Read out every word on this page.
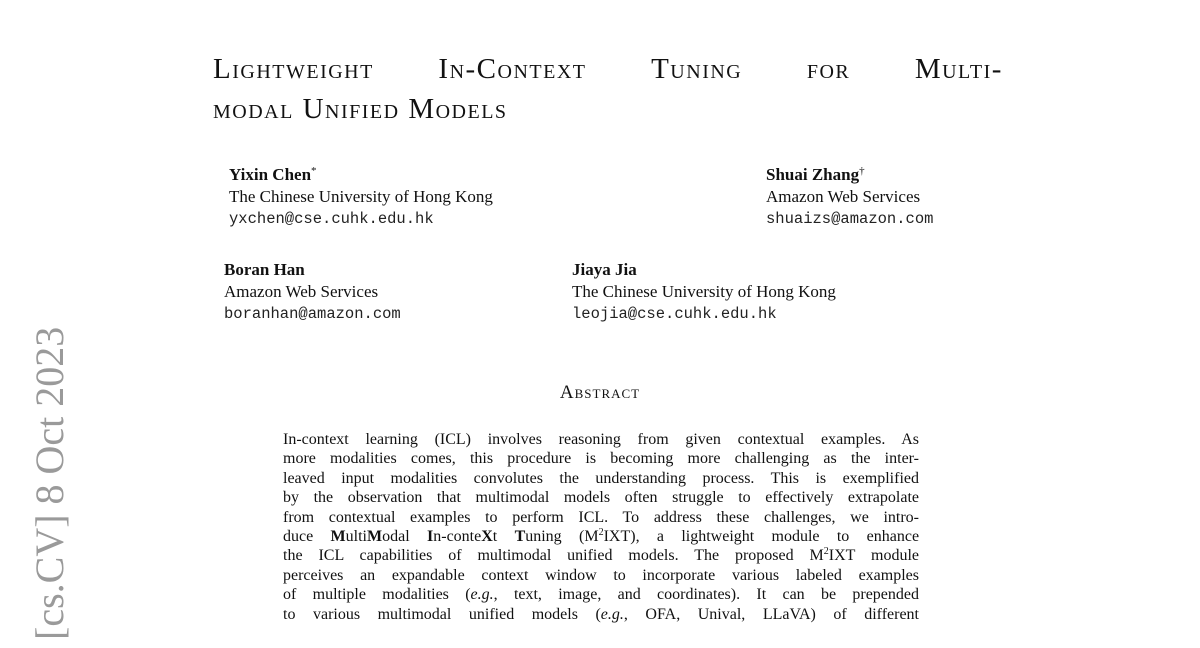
Lightweight In-Context Tuning for Multi-
modal Unified Models
Yixin Chen*
The Chinese University of Hong Kong
yxchen@cse.cuhk.edu.hk
Shuai Zhang†
Amazon Web Services
shuaizs@amazon.com
Boran Han
Amazon Web Services
boranhan@amazon.com
Jiaya Jia
The Chinese University of Hong Kong
leojia@cse.cuhk.edu.hk
Abstract
In-context learning (ICL) involves reasoning from given contextual examples. As
more modalities comes, this procedure is becoming more challenging as the inter-
leaved input modalities convolutes the understanding process. This is exemplified
by the observation that multimodal models often struggle to effectively extrapolate
from contextual examples to perform ICL. To address these challenges, we intro-
duce MultiModal In-conteXt Tuning $(M^2IXT)$, a lightweight module to enhance
the ICL capabilities of multimodal unified models. The proposed $M^2IXT$ module
perceives an expandable context window to incorporate various labeled examples
of multiple modalities (e.g., text, image, and coordinates). It can be prepended
to various multimodal unified models (e.g., OFA, Unival, LLaVA) of different
[cs.CV] 8 Oct 2023
